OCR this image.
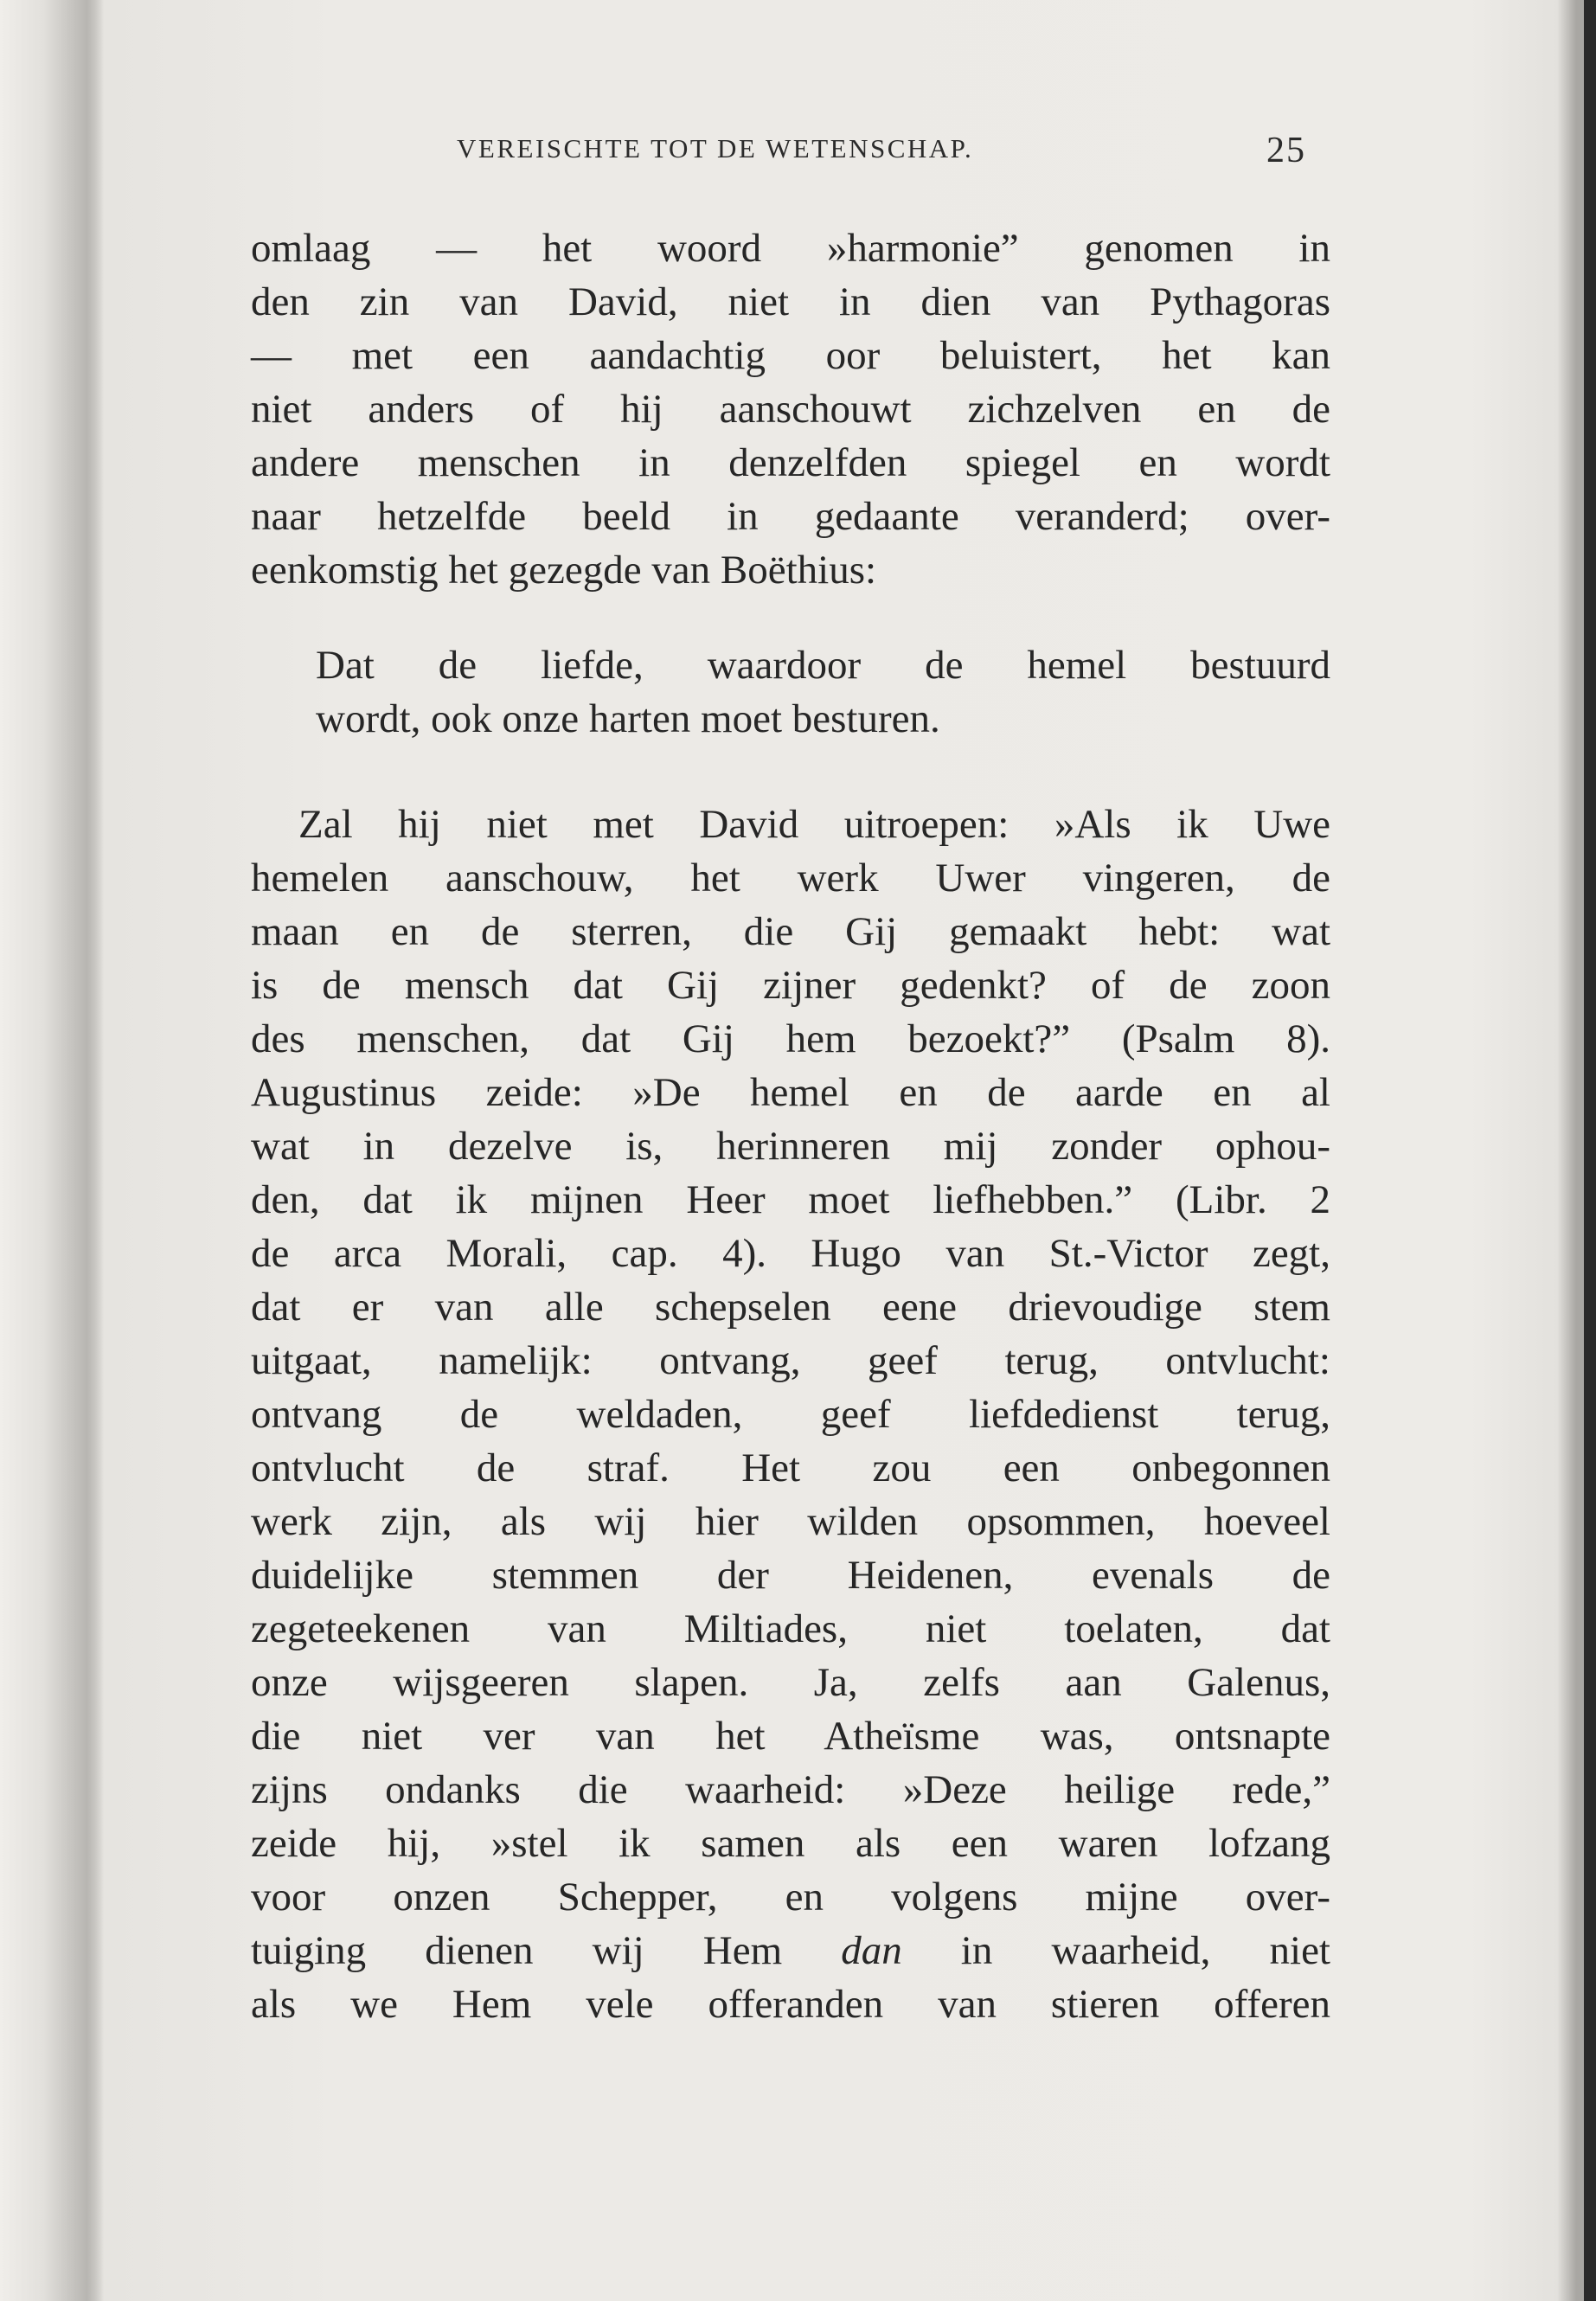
VEREISCHTE TOT DE WETENSCHAP.	25
omlaag — het woord »harmonie” genomen in
den zin van David, niet in dien van Pythagoras
— met een aandachtig oor beluistert, het kan
niet anders of hij aanschouwt zichzelven en de
andere menschen in denzelfden spiegel en wordt
naar hetzelfde beeld in gedaante veranderd; over-
eenkomstig het gezegde van Boëthius:
Dat de liefde, waardoor de hemel bestuurd
wordt, ook onze harten moet besturen.
Zal hij niet met David uitroepen: »Als ik Uwe
hemelen aanschouw, het werk Uwer vingeren, de
maan en de sterren, die Gij gemaakt hebt: wat
is de mensch dat Gij zijner gedenkt? of de zoon
des menschen, dat Gij hem bezoekt?” (Psalm 8).
Augustinus zeide: »De hemel en de aarde en al
wat in dezelve is, herinneren mij zonder ophou-
den, dat ik mijnen Heer moet liefhebben.” (Libr. 2
de arca Morali, cap. 4). Hugo van St.-Victor zegt,
dat er van alle schepselen eene drievoudige stem
uitgaat, namelijk: ontvang, geef terug, ontvlucht:
ontvang de weldaden, geef liefdedienst terug,
ontvlucht de straf. Het zou een onbegonnen
werk zijn, als wij hier wilden opsommen, hoeveel
duidelijke stemmen der Heidenen, evenals de
zegeteekenen van Miltiades, niet toelaten, dat
onze wijsgeeren slapen. Ja, zelfs aan Galenus,
die niet ver van het Atheïsme was, ontsnapte
zijns ondanks die waarheid: »Deze heilige rede,”
zeide hij, »stel ik samen als een waren lofzang
voor onzen Schepper, en volgens mijne over-
tuiging dienen wij Hem dan in waarheid, niet
als we Hem vele offeranden van stieren offeren
